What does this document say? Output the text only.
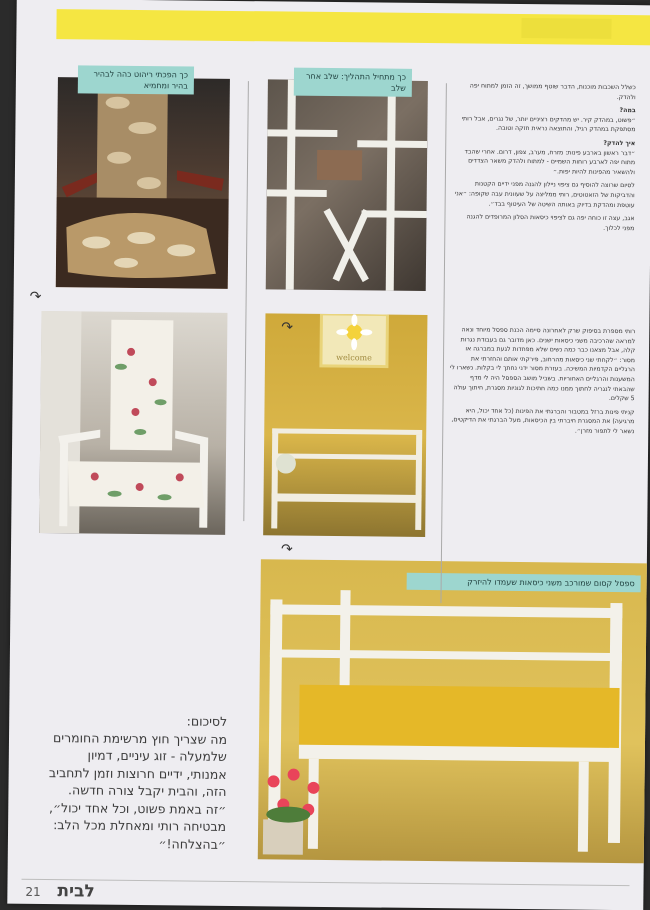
welcome
כך הפכתי ריהוט כהה לבהיר בהיר ומחמיא
כך מתחיל התהליך: שלב אחר שלב
ספסל קסום שמורכב משני כיסאות שעמדו להיזרק
↷
↷
↷

כשלל השכבות מוכנות, הדבר שוטף ממושך, זה הזמן למתוח יפה ולהדק.

במה?

״פשוט, במהדק קיר. יש מהדקים רציניים יותר, של נגרים, אבל רותי מסתפקת במהדק רגיל, והתוצאה נראית חזקה וטובה.

איך להדק?

״דבר ראשון בארבע פינות: מזרח, מערב, צפון, דרום. אחרי שהבד מתוח יפה לארבע רוחות השמיים - למתוח ולהדק משאר הצדדים ולהשאיר מהפינות להיות יפות.״

לסיום שרוצה להוסיף גם ציפוי ניילון להגנה מפני ידיים הקטנות והדביקות של הזאטוטים, רותי ממליצה על שעוונית עבה שקופה: ״אני עוטפת ומהדקת בדיוק באותה השיטה של העיטוף בבד״.

אגב, עצה זו כוחה יפה גם לציפוי כיסאות הסלון המרופדים להגנה מפני לכלוך.

רותי מספרת בסיפוק שרק לאחרונה סיימה הכנת ספסל מיוחד ונאה למראה שהרכיבה משני כיסאות ישנים. כאן מדובר גם בעבודת נגרות קלה, אבל מצאנו כבר כמה נשים שלא מפחדות לגעת במברגה או מסור: ״לקחתי שני כיסאות מהרחוב, פירקתי אותם והחזרתי את הרגליים הקדמיות המשיכה. בעזרת מסור ידני נחתך לי בקלות. נשארו לי המשענות והרגליים האחוריות. בשביל מושב הספסל היה לי מדף שהבאתי לנגריה לחתוך ממנו כמה חתיכות לגוניות מסגרת, חיתוך עולה 5 שקלים.

קניתי פינות ברזל במטבור והברגתי את הפינות (כל אחד יכול, היא מרגיעה) את המסגרת חיברתי בין הכיסאות, מעל הברגתי את הדיקטים, נשאר לי לתפור מזרן״.

לסיכום:
מה שצריך חוץ מרשימת החומרים שלמעלה - זוג עיניים, דמיון אמנותי, ידיים חרוצות וזמן לתחביב הזה, והבית יקבל צורה חדשה. ״זה באמת פשוט, וכל אחד יכול״, מבטיחה רותי ומאחלת מכל הלב: ״בהצלחה!״
21 לבית
